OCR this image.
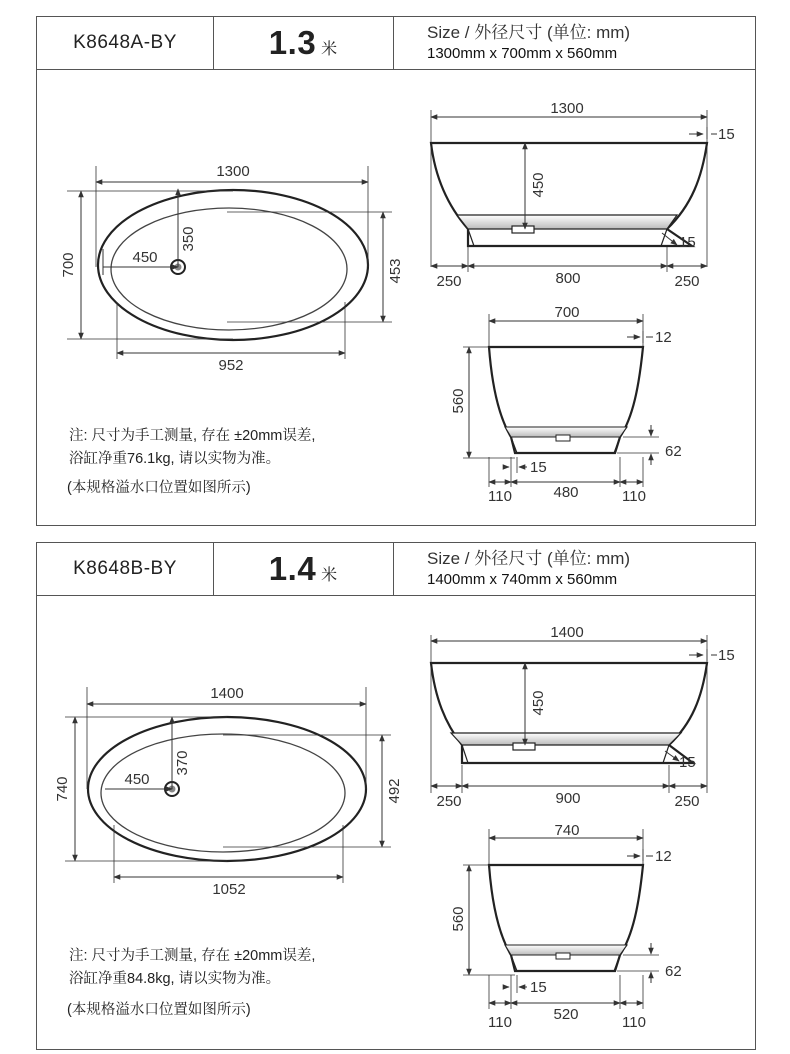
K8648A-BY	1.3 米
Size / 外径尺寸 (单位: mm)
1300mm x 700mm x 560mm
1300
700	450
350
453
952
1300
450
15
15
250	800	250
700
12
560
62
15
110	480	110
注: 尺寸为手工测量, 存在 ±20mm误差,
浴缸净重76.1kg, 请以实物为准。
(本规格溢水口位置如图所示)
K8648B-BY	1.4 米
Size / 外径尺寸 (单位: mm)
1400mm x 740mm x 560mm
1400
740	450
370
492
1052
1400
450
15
15
250	900	250
740
12
560
62
15
110	520	110
注: 尺寸为手工测量, 存在 ±20mm误差,
浴缸净重84.8kg, 请以实物为准。
(本规格溢水口位置如图所示)
